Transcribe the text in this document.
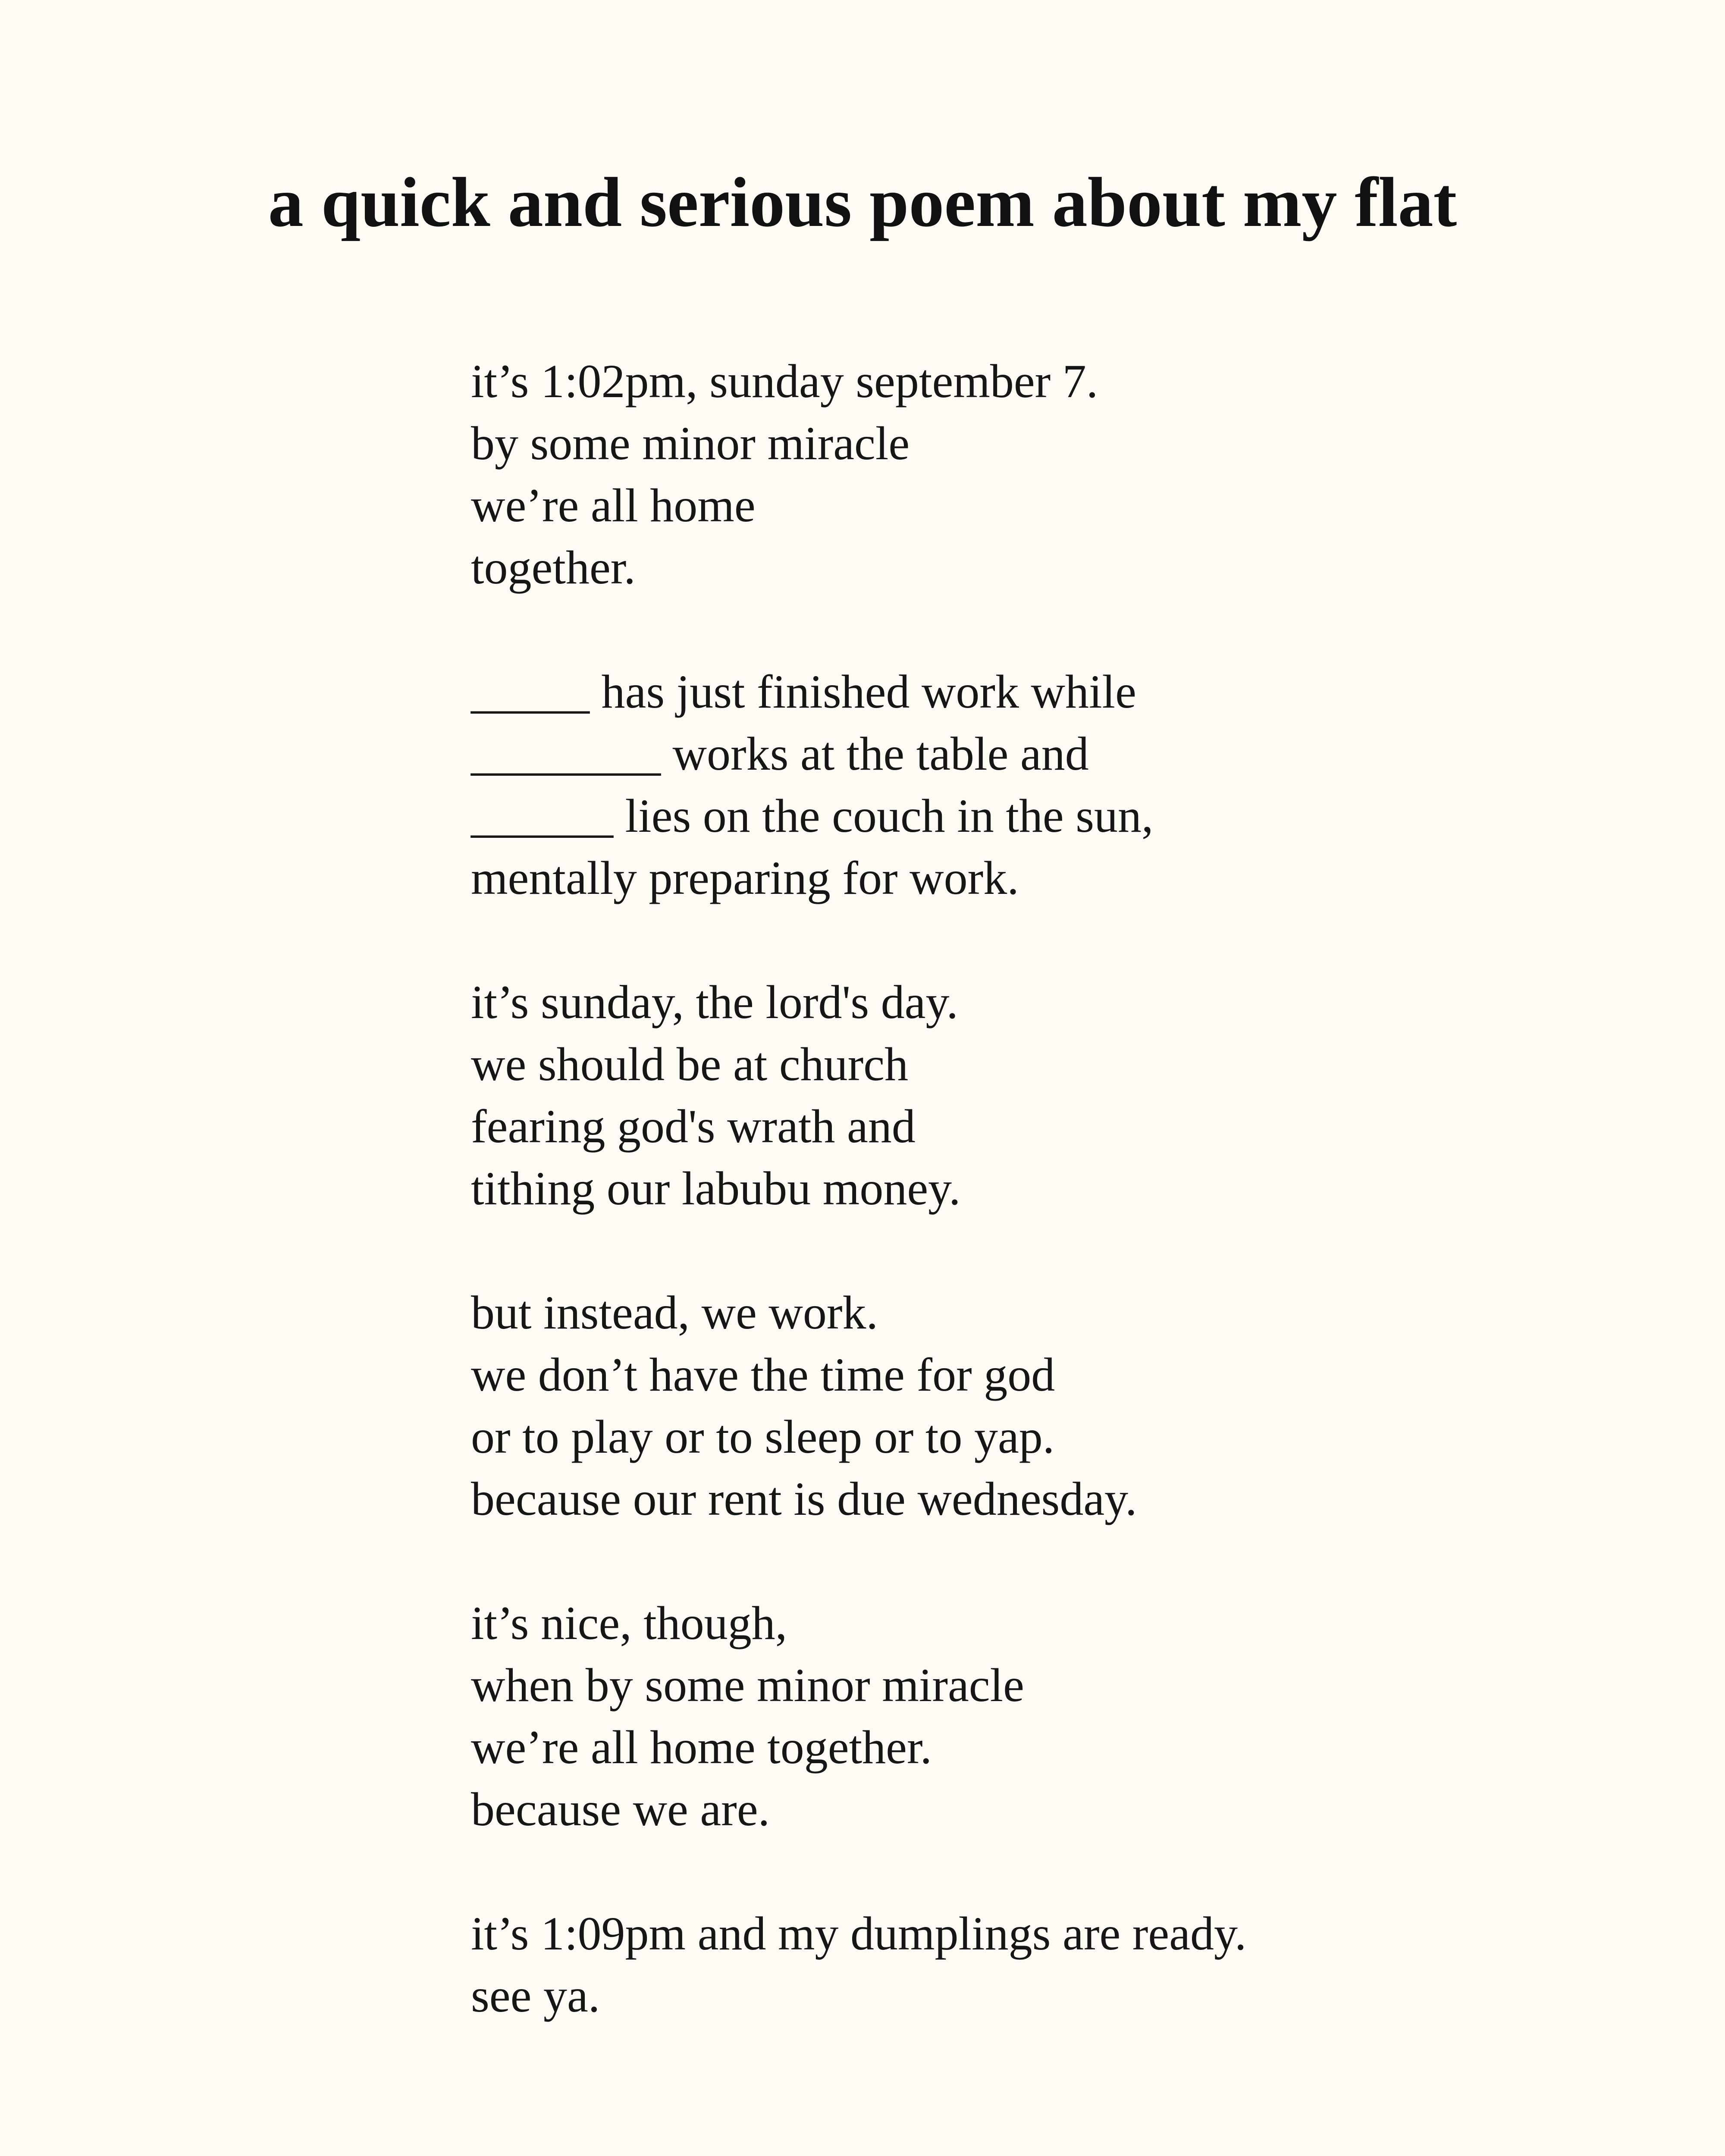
a quick and serious poem about my flat
it’s 1:02pm, sunday september 7.
by some minor miracle
we’re all home
together.
_____ has just finished work while
________ works at the table and
______ lies on the couch in the sun,
mentally preparing for work.
it’s sunday, the lord's day.
we should be at church
fearing god's wrath and
tithing our labubu money.
but instead, we work.
we don’t have the time for god
or to play or to sleep or to yap.
because our rent is due wednesday.
it’s nice, though,
when by some minor miracle
we’re all home together.
because we are.
it’s 1:09pm and my dumplings are ready.
see ya.
